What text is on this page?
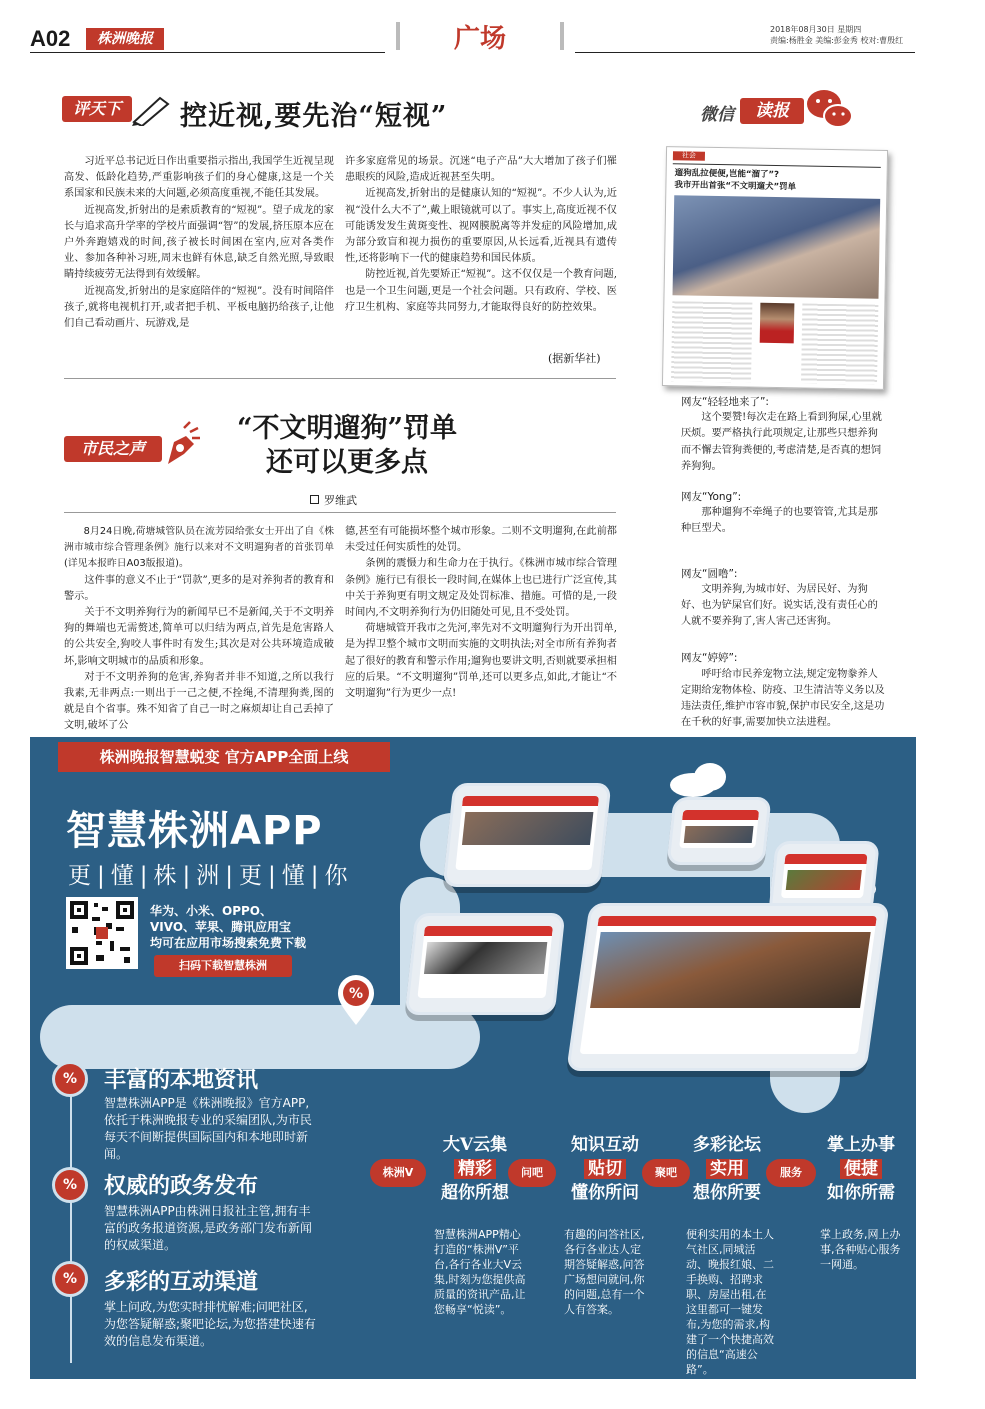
A02	株洲晚报	广场	2018年08月30日 星期四
责编:杨胜金 美编:彭金秀 校对:曹殷红
评天下	控近视,要先治“短视”

习近平总书记近日作出重要指示指出,我国学生近视呈现高发、低龄化趋势,严重影响孩子们的身心健康,这是一个关系国家和民族未来的大问题,必须高度重视,不能任其发展。

近视高发,折射出的是索质教育的“短视”。望子成龙的家长与追求高升学率的学校片面强调“智”的发展,挤压原本应在户外奔跑嬉戏的时间,孩子被长时间困在室内,应对各类作业、参加各种补习班,周末也鲜有休息,缺乏自然光照,导致眼睛持续疲劳无法得到有效缓解。

近视高发,折射出的是家庭陪伴的“短视”。没有时间陪伴孩子,就将电视机打开,或者把手机、平板电脑扔给孩子,让他们自己看动画片、玩游戏,是

许多家庭常见的场景。沉迷“电子产品”大大增加了孩子们罹患眼疾的风险,造成近视甚至失明。

近视高发,折射出的是健康认知的“短视”。不少人认为,近视“没什么大不了”,戴上眼镜就可以了。事实上,高度近视不仅可能诱发发生黄斑变性、视网膜脱离等并发症的风险增加,成为部分致盲和视力损伤的重要原因,从长远看,近视具有遗传性,还将影响下一代的健康趋势和国民体质。

防控近视,首先要矫正“短视”。这不仅仅是一个教育问题,也是一个卫生问题,更是一个社会问题。只有政府、学校、医疗卫生机构、家庭等共同努力,才能取得良好的防控效果。

(据新华社)
微信	读报
社会
遛狗乱拉便便,岂能“溜了”?
我市开出首张“不文明遛犬”罚单
网友“轻轻地来了”:
这个要赞!每次走在路上看到狗屎,心里就厌烦。要严格执行此项规定,让那些只想养狗而不懈去管狗粪便的,考虑清楚,是否真的想饲养狗狗。
网友“Yong”:
那种遛狗不牵绳子的也要管管,尤其是那种巨型犬。
网友“圆噜”:
文明养狗,为城市好、为居民好、为狗好、也为铲屎官们好。说实话,没有责任心的人就不要养狗了,害人害己还害狗。
网友“婷婷”:
呼吁给市民养宠物立法,规定宠物豢养人定期给宠物体检、防疫、卫生清洁等义务以及违法责任,维护市容市貌,保护市民安全,这是功在千秋的好事,需要加快立法进程。
市民之声
“不文明遛狗”罚单
还可以更多点
罗维武

8月24日晚,荷塘城管队员在流芳园给张女士开出了自《株洲市城市综合管理条例》施行以来对不文明遛狗者的首张罚单(详见本报昨日A03版报道)。

这件事的意义不止于“罚款”,更多的是对养狗者的教育和警示。

关于不文明养狗行为的新闻早已不是新闻,关于不文明养狗的舞端也无需赘述,简单可以归结为两点,首先是危害路人的公共安全,狗咬人事件时有发生;其次是对公共环境造成破坏,影响文明城市的品质和形象。

对于不文明养狗的危害,养狗者并非不知道,之所以我行我素,无非两点:一则出于一己之便,不拴绳,不清理狗粪,图的就是自个省事。殊不知省了自己一时之麻烦却让自己丢掉了文明,破坏了公

德,甚至有可能损坏整个城市形象。二则不文明遛狗,在此前都未受过任何实质性的处罚。

条例的震慑力和生命力在于执行。《株洲市城市综合管理条例》施行已有很长一段时间,在媒体上也已进行广泛宣传,其中关于养狗更有明文规定及处罚标准、措施。可惜的是,一段时间内,不文明养狗行为仍旧随处可见,且不受处罚。

荷塘城管开我市之先河,率先对不文明遛狗行为开出罚单,是为捍卫整个城市文明而实施的文明执法;对全市所有养狗者起了很好的教育和警示作用;遛狗也要讲文明,否则就要承担相应的后果。“不文明遛狗”罚单,还可以更多点,如此,才能让“不文明遛狗”行为更少一点!

株洲晚报智慧蜕变 官方APP全面上线
智慧株洲APP
更|懂|株|洲|更|懂|你
华为、小米、OPPO、
VIVO、苹果、腾讯应用宝
均可在应用市场搜索免费下载
扫码下载智慧株洲
%
%	丰富的本地资讯
智慧株洲APP是《株洲晚报》官方APP,依托于株洲晚报专业的采编团队,为市民每天不间断提供国际国内和本地即时新闻。
%	权威的政务发布
智慧株洲APP由株洲日报社主管,拥有丰富的政务报道资源,是政务部门发布新闻的权威渠道。
%	多彩的互动渠道
掌上问政,为您实时排忧解难;问吧社区,为您答疑解惑;聚吧论坛,为您搭建快速有效的信息发布渠道。
株洲V	问吧	聚吧	服务
大V云集
精彩
超你所想
智慧株洲APP精心打造的“株洲V”平台,各行各业大V云集,时刻为您提供高质量的资讯产品,让您畅享“悦读”。
知识互动
贴切
懂你所问
有趣的问答社区,各行各业达人定期答疑解惑,问答广场想问就问,你的问题,总有一个人有答案。
多彩论坛
实用
想你所要
便利实用的本土人气社区,同城活动、晚报红娘、二手换购、招聘求职、房屋出租,在这里都可一键发布,为您的需求,构建了一个快捷高效的信息“高速公路”。
掌上办事
便捷
如你所需
掌上政务,网上办事,各种贴心服务一网通。
